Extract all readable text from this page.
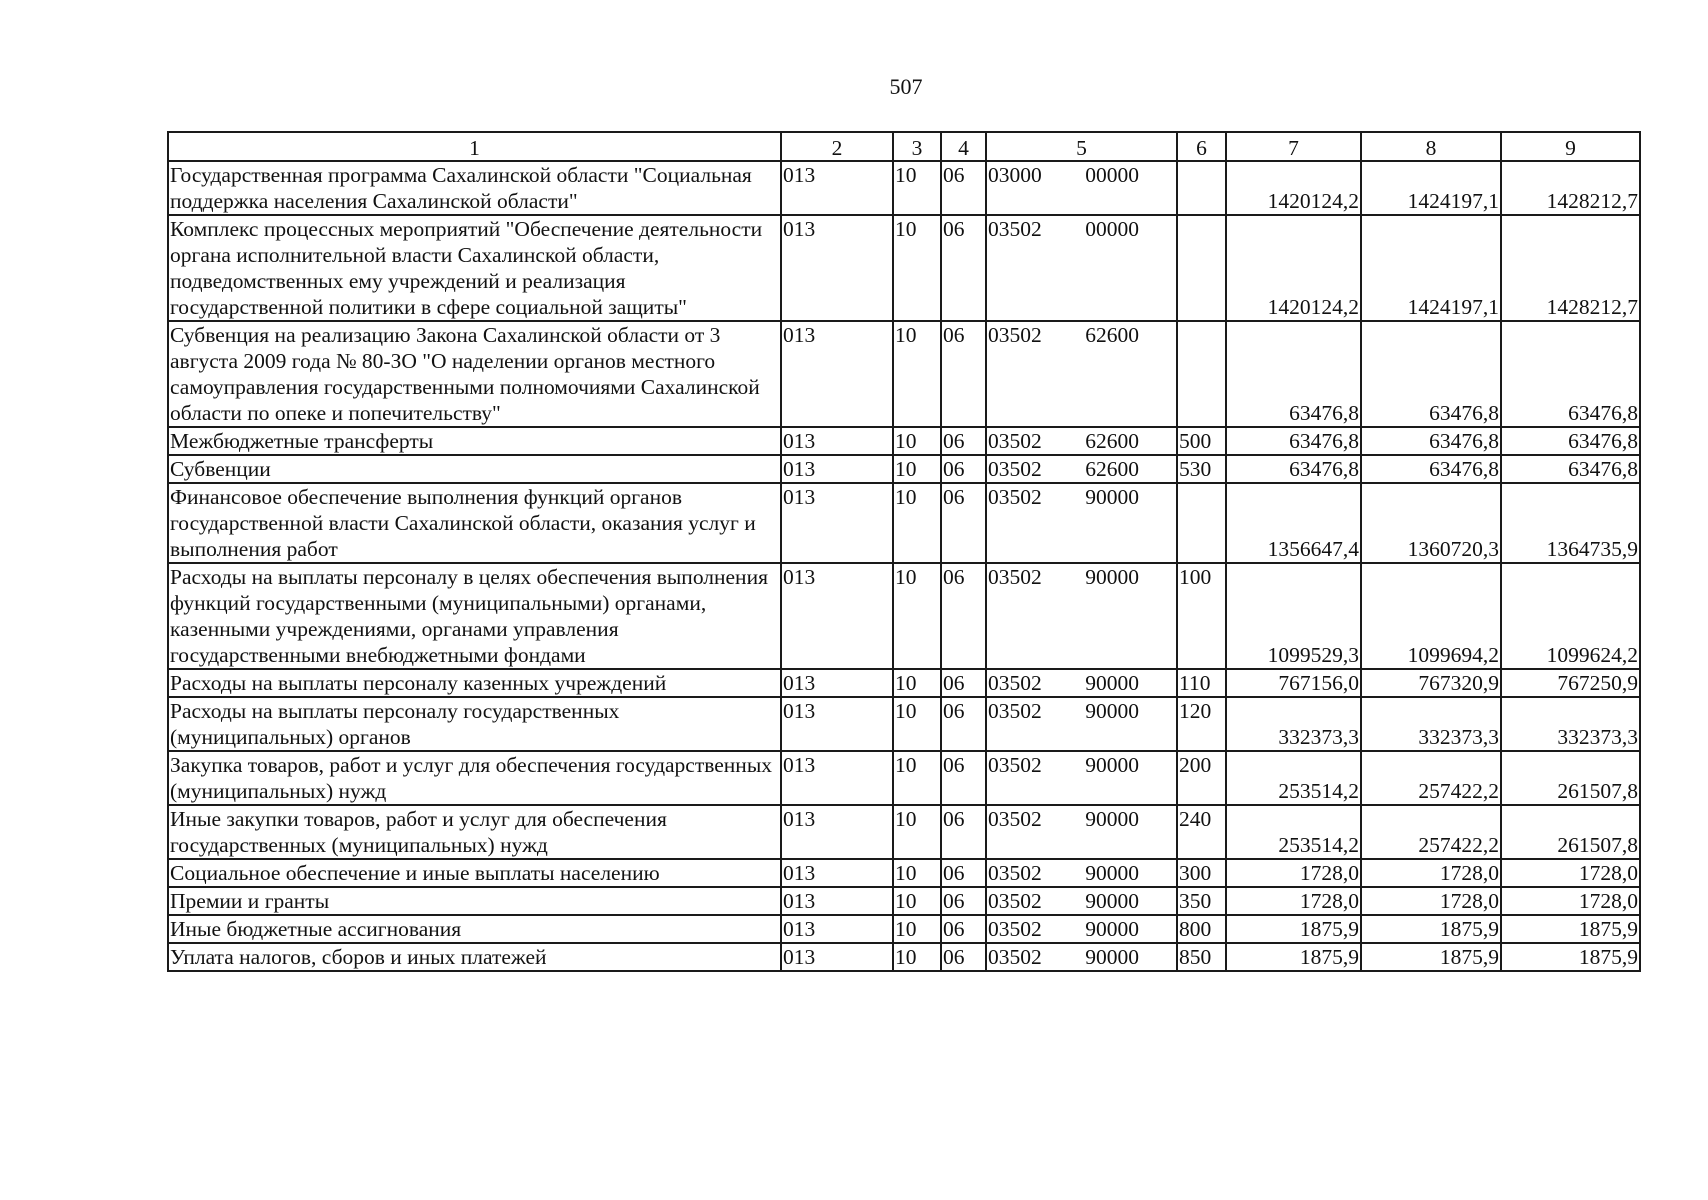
507
1	2	3	4	5	6	7	8	9
Государственная программа Сахалинской области "Социальная поддержка населения Сахалинской области"	013	10	06	03000 00000		1420124,2	1424197,1	1428212,7
Комплекс процессных мероприятий "Обеспечение деятельности органа исполнительной власти Сахалинской области, подведомственных ему учреждений и реализация государственной политики в сфере социальной защиты"	013	10	06	03502 00000		1420124,2	1424197,1	1428212,7
Субвенция на реализацию Закона Сахалинской области от 3 августа 2009 года № 80-ЗО "О наделении органов местного самоуправления государственными полномочиями Сахалинской области по опеке и попечительству"	013	10	06	03502 62600		63476,8	63476,8	63476,8
Межбюджетные трансферты	013	10	06	03502 62600	500	63476,8	63476,8	63476,8
Субвенции	013	10	06	03502 62600	530	63476,8	63476,8	63476,8
Финансовое обеспечение выполнения функций органов государственной власти Сахалинской области, оказания услуг и выполнения работ	013	10	06	03502 90000		1356647,4	1360720,3	1364735,9
Расходы на выплаты персоналу в целях обеспечения выполнения функций государственными (муниципальными) органами, казенными учреждениями, органами управления государственными внебюджетными фондами	013	10	06	03502 90000	100	1099529,3	1099694,2	1099624,2
Расходы на выплаты персоналу казенных учреждений	013	10	06	03502 90000	110	767156,0	767320,9	767250,9
Расходы на выплаты персоналу государственных (муниципальных) органов	013	10	06	03502 90000	120	332373,3	332373,3	332373,3
Закупка товаров, работ и услуг для обеспечения государственных (муниципальных) нужд	013	10	06	03502 90000	200	253514,2	257422,2	261507,8
Иные закупки товаров, работ и услуг для обеспечения государственных (муниципальных) нужд	013	10	06	03502 90000	240	253514,2	257422,2	261507,8
Социальное обеспечение и иные выплаты населению	013	10	06	03502 90000	300	1728,0	1728,0	1728,0
Премии и гранты	013	10	06	03502 90000	350	1728,0	1728,0	1728,0
Иные бюджетные ассигнования	013	10	06	03502 90000	800	1875,9	1875,9	1875,9
Уплата налогов, сборов и иных платежей	013	10	06	03502 90000	850	1875,9	1875,9	1875,9
